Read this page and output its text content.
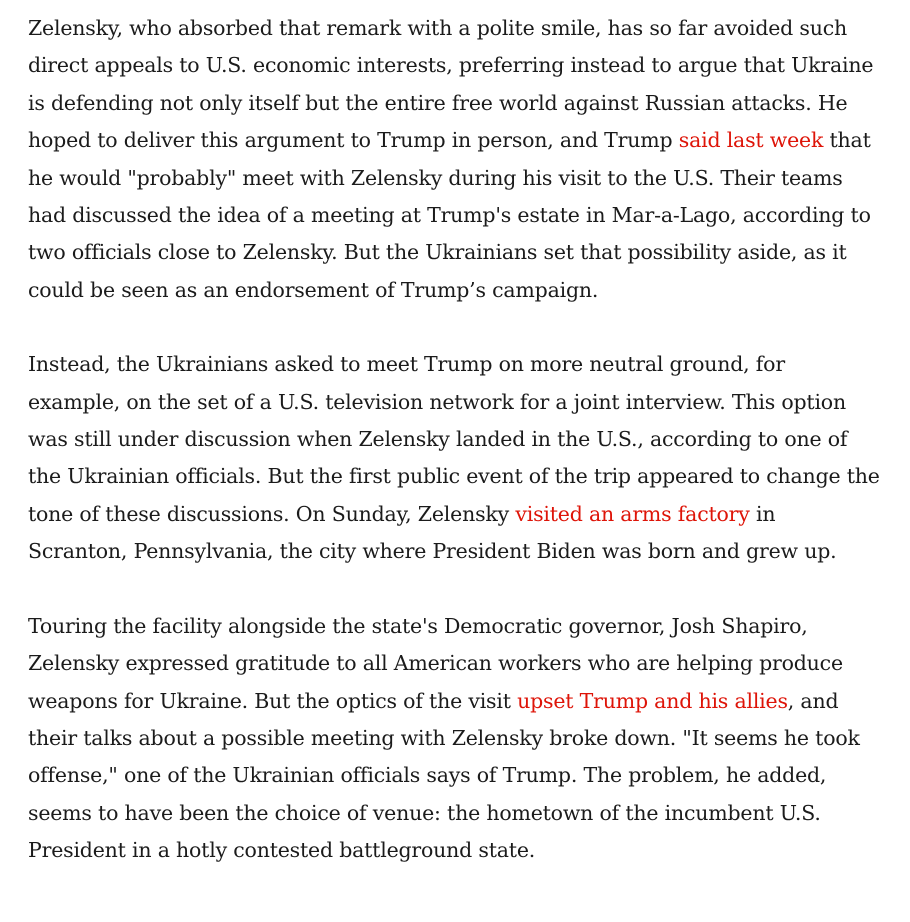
Zelensky, who absorbed that remark with a polite smile, has so far avoided such direct appeals to U.S. economic interests, preferring instead to argue that Ukraine is defending not only itself but the entire free world against Russian attacks. He hoped to deliver this argument to Trump in person, and Trump said last week that he would "probably" meet with Zelensky during his visit to the U.S. Their teams had discussed the idea of a meeting at Trump's estate in Mar-a-Lago, according to two officials close to Zelensky. But the Ukrainians set that possibility aside, as it could be seen as an endorsement of Trump’s campaign.

Instead, the Ukrainians asked to meet Trump on more neutral ground, for example, on the set of a U.S. television network for a joint interview. This option was still under discussion when Zelensky landed in the U.S., according to one of the Ukrainian officials. But the first public event of the trip appeared to change the tone of these discussions. On Sunday, Zelensky visited an arms factory in Scranton, Pennsylvania, the city where President Biden was born and grew up.

Touring the facility alongside the state's Democratic governor, Josh Shapiro, Zelensky expressed gratitude to all American workers who are helping produce weapons for Ukraine. But the optics of the visit upset Trump and his allies, and their talks about a possible meeting with Zelensky broke down. "It seems he took offense," one of the Ukrainian officials says of Trump. The problem, he added, seems to have been the choice of venue: the hometown of the incumbent U.S. President in a hotly contested battleground state.
